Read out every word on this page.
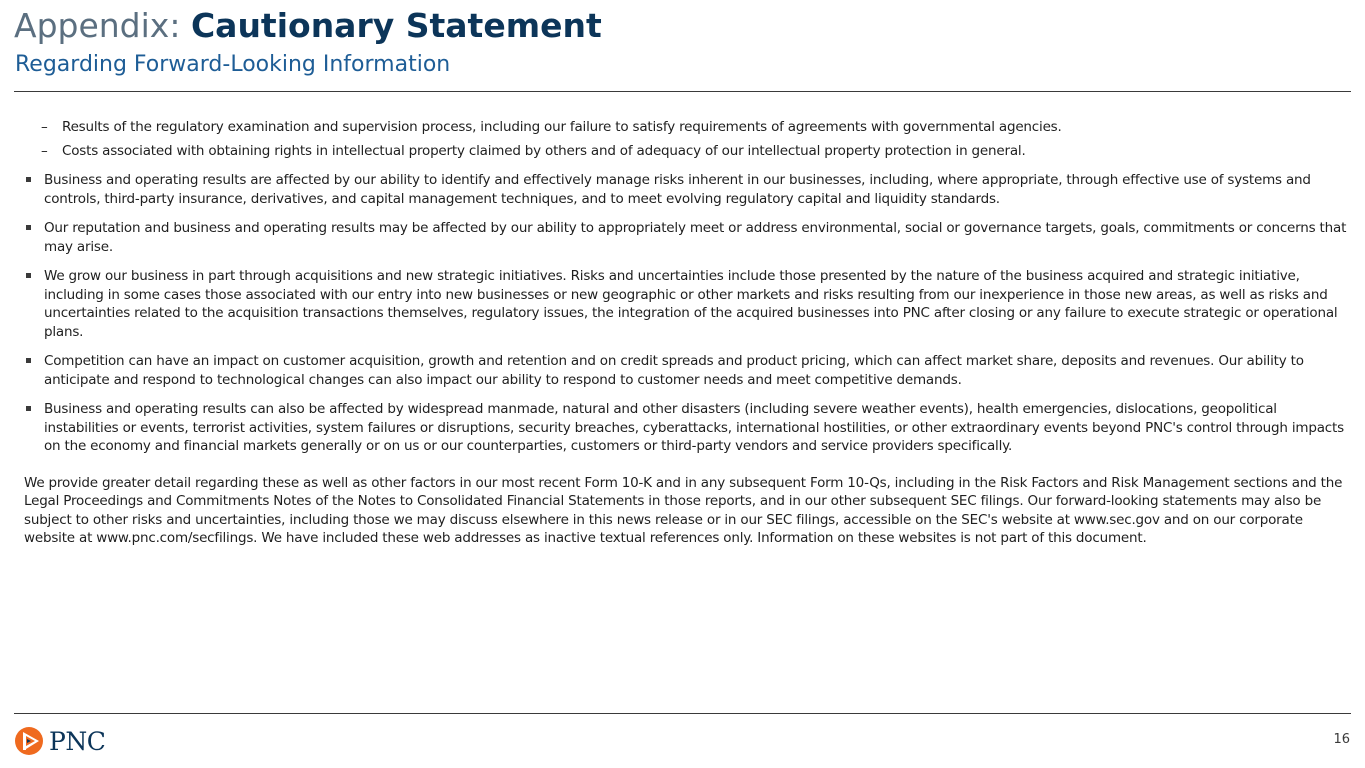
Appendix: Cautionary Statement
Regarding Forward-Looking Information
– Results of the regulatory examination and supervision process, including our failure to satisfy requirements of agreements with governmental agencies.
– Costs associated with obtaining rights in intellectual property claimed by others and of adequacy of our intellectual property protection in general.
Business and operating results are affected by our ability to identify and effectively manage risks inherent in our businesses, including, where appropriate, through effective use of systems and controls, third-party insurance, derivatives, and capital management techniques, and to meet evolving regulatory capital and liquidity standards.
Our reputation and business and operating results may be affected by our ability to appropriately meet or address environmental, social or governance targets, goals, commitments or concerns that may arise.
We grow our business in part through acquisitions and new strategic initiatives. Risks and uncertainties include those presented by the nature of the business acquired and strategic initiative, including in some cases those associated with our entry into new businesses or new geographic or other markets and risks resulting from our inexperience in those new areas, as well as risks and uncertainties related to the acquisition transactions themselves, regulatory issues, the integration of the acquired businesses into PNC after closing or any failure to execute strategic or operational plans.
Competition can have an impact on customer acquisition, growth and retention and on credit spreads and product pricing, which can affect market share, deposits and revenues. Our ability to anticipate and respond to technological changes can also impact our ability to respond to customer needs and meet competitive demands.
Business and operating results can also be affected by widespread manmade, natural and other disasters (including severe weather events), health emergencies, dislocations, geopolitical instabilities or events, terrorist activities, system failures or disruptions, security breaches, cyberattacks, international hostilities, or other extraordinary events beyond PNC's control through impacts on the economy and financial markets generally or on us or our counterparties, customers or third-party vendors and service providers specifically.
We provide greater detail regarding these as well as other factors in our most recent Form 10-K and in any subsequent Form 10-Qs, including in the Risk Factors and Risk Management sections and the Legal Proceedings and Commitments Notes of the Notes to Consolidated Financial Statements in those reports, and in our other subsequent SEC filings. Our forward-looking statements may also be subject to other risks and uncertainties, including those we may discuss elsewhere in this news release or in our SEC filings, accessible on the SEC's website at www.sec.gov and on our corporate website at www.pnc.com/secfilings. We have included these web addresses as inactive textual references only. Information on these websites is not part of this document.
PNC	16
